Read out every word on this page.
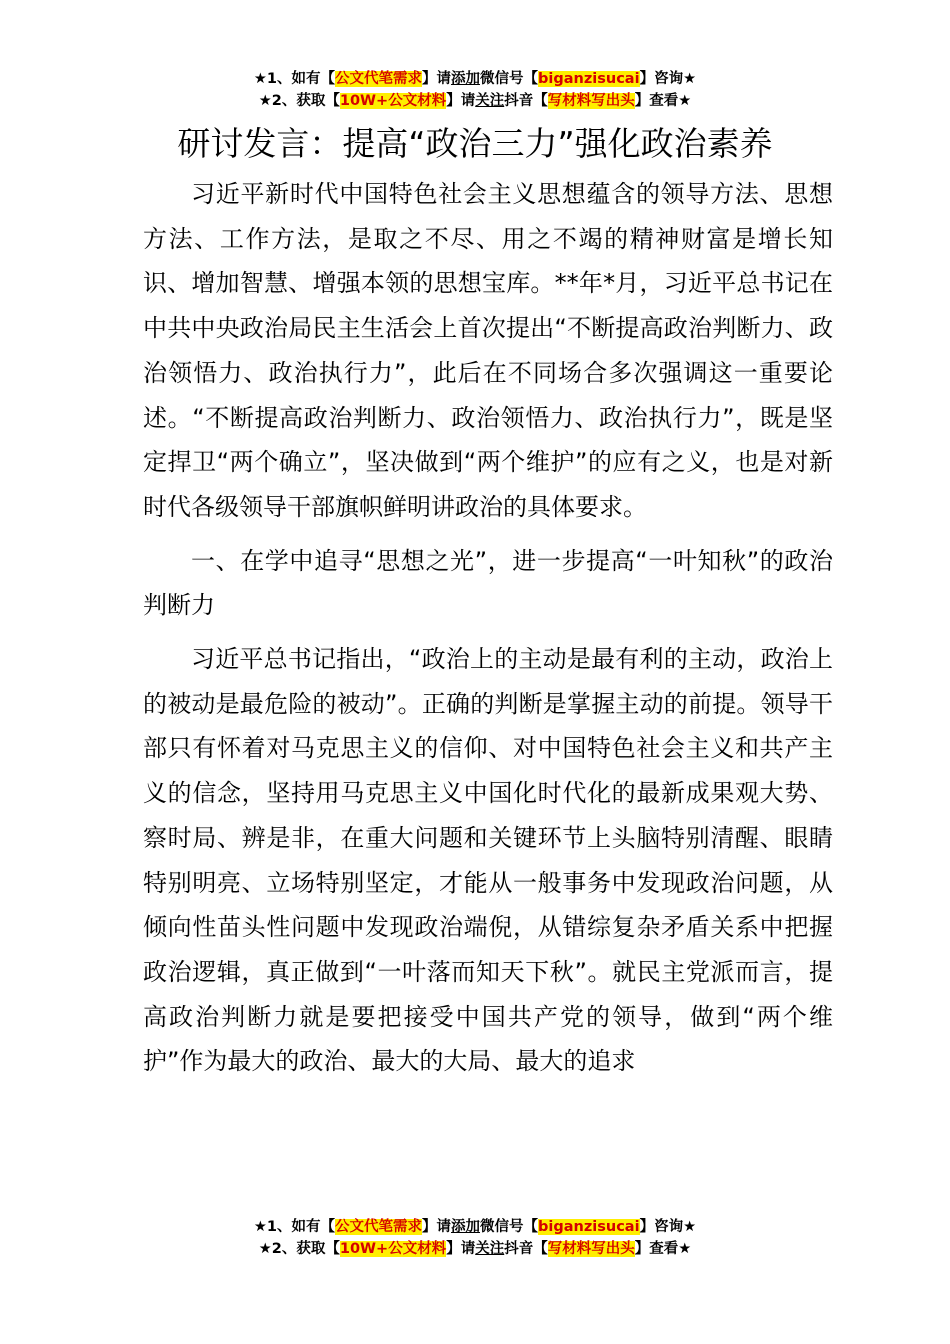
★1、如有【公文代笔需求】请添加微信号【biganzisucai】咨询★
★2、获取【10W+公文材料】请关注抖音【写材料写出头】查看★
研讨发言：提高“政治三力”强化政治素养

习近平新时代中国特色社会主义思想蕴含的领导方法、思想方法、工作方法，是取之不尽、用之不竭的精神财富是增长知识、增加智慧、增强本领的思想宝库。**年*月，习近平总书记在中共中央政治局民主生活会上首次提出“不断提高政治判断力、政治领悟力、政治执行力”，此后在不同场合多次强调这一重要论述。“不断提高政治判断力、政治领悟力、政治执行力”，既是坚定捍卫“两个确立”，坚决做到“两个维护”的应有之义，也是对新时代各级领导干部旗帜鲜明讲政治的具体要求。

一、在学中追寻“思想之光”，进一步提高“一叶知秋”的政治判断力

习近平总书记指出，“政治上的主动是最有利的主动，政治上的被动是最危险的被动”。正确的判断是掌握主动的前提。领导干部只有怀着对马克思主义的信仰、对中国特色社会主义和共产主义的信念，坚持用马克思主义中国化时代化的最新成果观大势、察时局、辨是非，在重大问题和关键环节上头脑特别清醒、眼睛特别明亮、立场特别坚定，才能从一般事务中发现政治问题，从倾向性苗头性问题中发现政治端倪，从错综复杂矛盾关系中把握政治逻辑，真正做到“一叶落而知天下秋”。就民主党派而言，提高政治判断力就是要把接受中国共产党的领导，做到“两个维护”作为最大的政治、最大的大局、最大的追求

★1、如有【公文代笔需求】请添加微信号【biganzisucai】咨询★
★2、获取【10W+公文材料】请关注抖音【写材料写出头】查看★
